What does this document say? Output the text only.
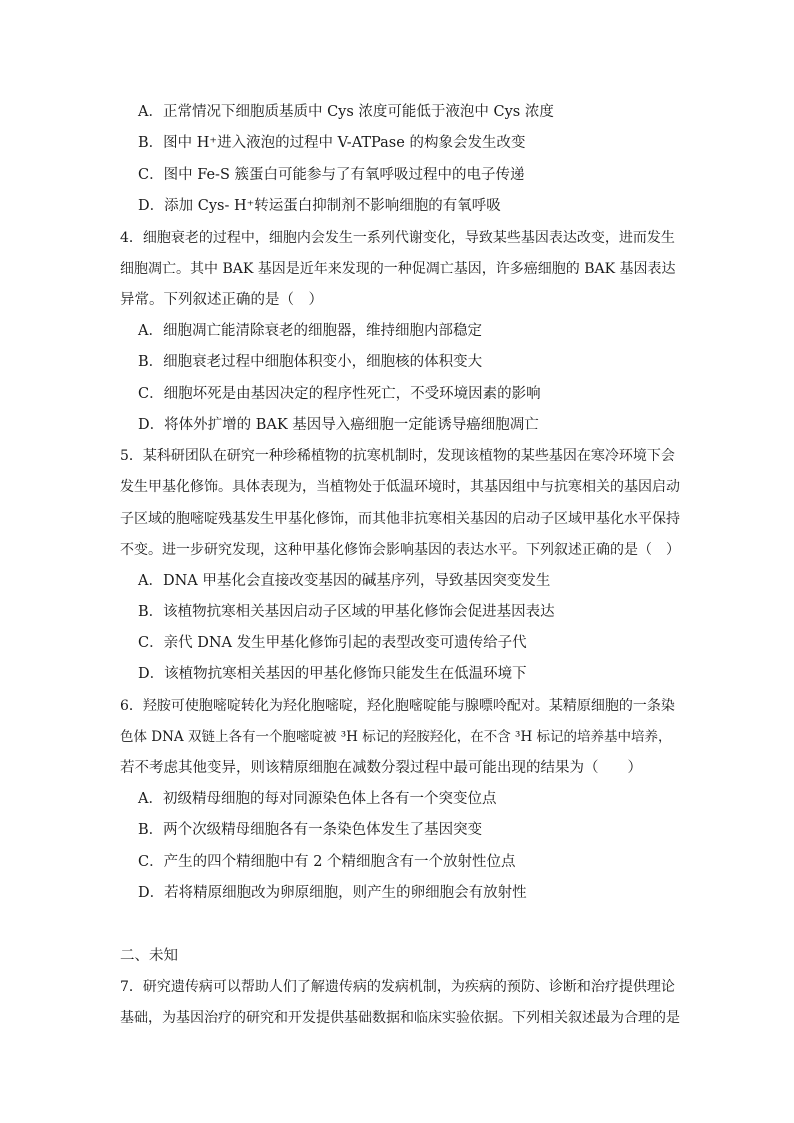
A．正常情况下细胞质基质中 Cys 浓度可能低于液泡中 Cys 浓度
B．图中 H⁺进入液泡的过程中 V-ATPase 的构象会发生改变
C．图中 Fe-S 簇蛋白可能参与了有氧呼吸过程中的电子传递
D．添加 Cys- H⁺转运蛋白抑制剂不影响细胞的有氧呼吸
4．细胞衰老的过程中，细胞内会发生一系列代谢变化，导致某些基因表达改变，进而发生
细胞凋亡。其中 BAK 基因是近年来发现的一种促凋亡基因，许多癌细胞的 BAK 基因表达
异常。下列叙述正确的是（　）
A．细胞凋亡能清除衰老的细胞器，维持细胞内部稳定
B．细胞衰老过程中细胞体积变小，细胞核的体积变大
C．细胞坏死是由基因决定的程序性死亡，不受环境因素的影响
D．将体外扩增的 BAK 基因导入癌细胞一定能诱导癌细胞凋亡
5．某科研团队在研究一种珍稀植物的抗寒机制时，发现该植物的某些基因在寒冷环境下会
发生甲基化修饰。具体表现为，当植物处于低温环境时，其基因组中与抗寒相关的基因启动
子区域的胞嘧啶残基发生甲基化修饰，而其他非抗寒相关基因的启动子区域甲基化水平保持
不变。进一步研究发现，这种甲基化修饰会影响基因的表达水平。下列叙述正确的是（　）
A．DNA 甲基化会直接改变基因的碱基序列，导致基因突变发生
B．该植物抗寒相关基因启动子区域的甲基化修饰会促进基因表达
C．亲代 DNA 发生甲基化修饰引起的表型改变可遗传给子代
D．该植物抗寒相关基因的甲基化修饰只能发生在低温环境下
6．羟胺可使胞嘧啶转化为羟化胞嘧啶，羟化胞嘧啶能与腺嘌呤配对。某精原细胞的一条染
色体 DNA 双链上各有一个胞嘧啶被 ³H 标记的羟胺羟化，在不含 ³H 标记的培养基中培养，
若不考虑其他变异，则该精原细胞在减数分裂过程中最可能出现的结果为（　　）
A．初级精母细胞的每对同源染色体上各有一个突变位点
B．两个次级精母细胞各有一条染色体发生了基因突变
C．产生的四个精细胞中有 2 个精细胞含有一个放射性位点
D．若将精原细胞改为卵原细胞，则产生的卵细胞会有放射性
二、未知
7．研究遗传病可以帮助人们了解遗传病的发病机制，为疾病的预防、诊断和治疗提供理论
基础，为基因治疗的研究和开发提供基础数据和临床实验依据。下列相关叙述最为合理的是
